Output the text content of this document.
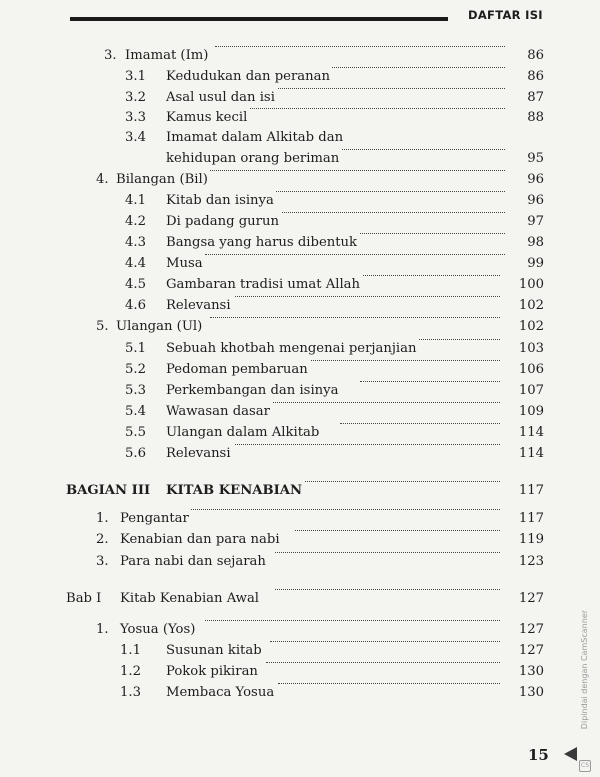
DAFTAR ISI
3. Imamat (Im)	86
3.1 Kedudukan dan peranan	86
3.2 Asal usul dan isi	87
3.3 Kamus kecil	88
3.4 Imamat dalam Alkitab dan
kehidupan orang beriman	95
4. Bilangan (Bil)	96
4.1 Kitab dan isinya	96
4.2 Di padang gurun	97
4.3 Bangsa yang harus dibentuk	98
4.4 Musa	99
4.5 Gambaran tradisi umat Allah	100
4.6 Relevansi	102
5. Ulangan (Ul)	102
5.1 Sebuah khotbah mengenai perjanjian	103
5.2 Pedoman pembaruan	106
5.3 Perkembangan dan isinya	107
5.4 Wawasan dasar	109
5.5 Ulangan dalam Alkitab	114
5.6 Relevansi	114
BAGIAN III KITAB KENABIAN	117
1. Pengantar	117
2. Kenabian dan para nabi	119
3. Para nabi dan sejarah	123
Bab I Kitab Kenabian Awal	127
1. Yosua (Yos)	127
1.1 Susunan kitab	127
1.2 Pokok pikiran	130
1.3 Membaca Yosua	130
15
Dipindai dengan CamScanner
CS
